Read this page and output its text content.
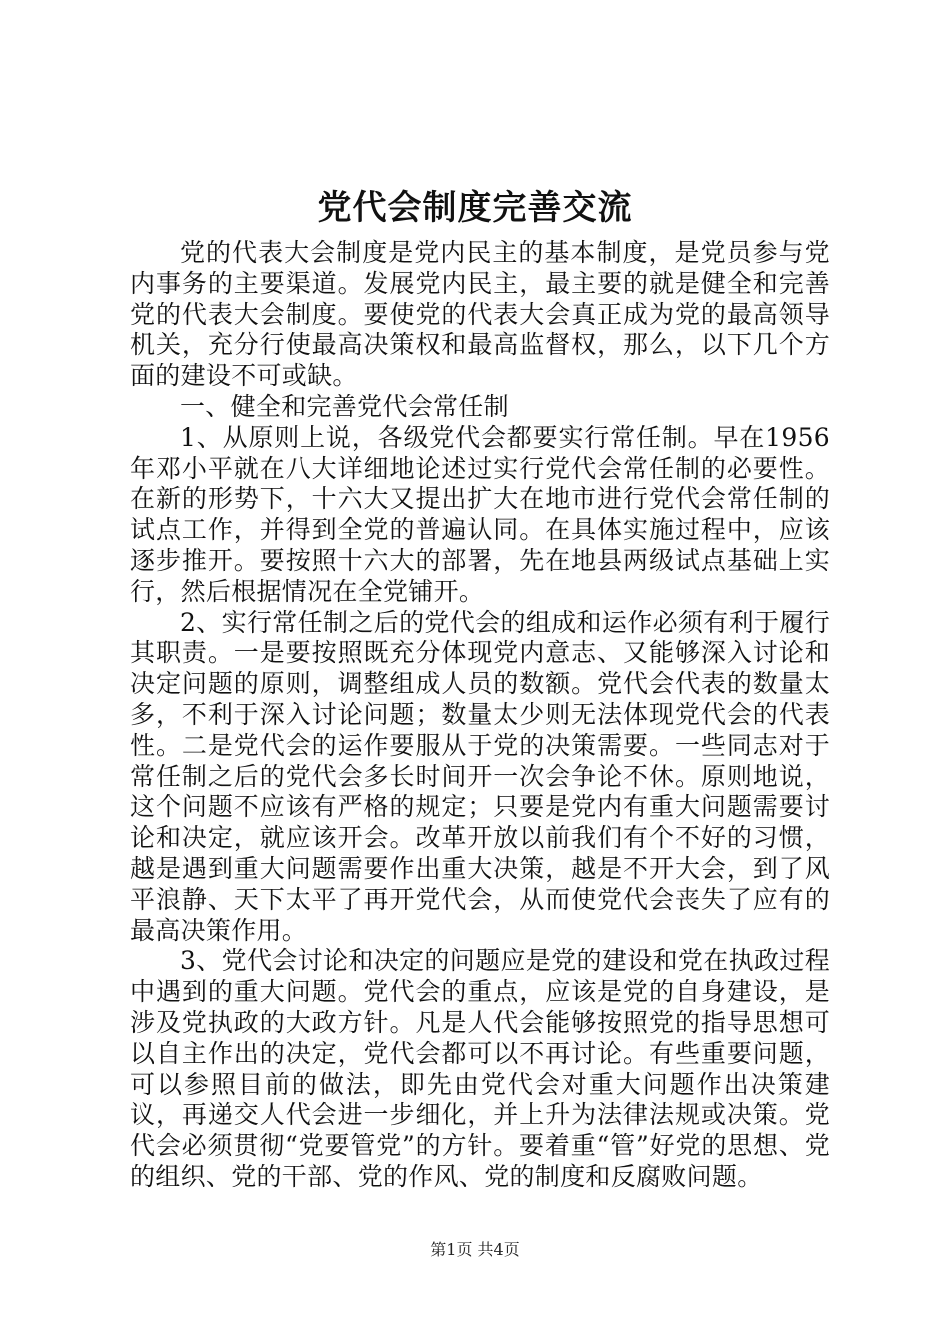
党代会制度完善交流

党的代表大会制度是党内民主的基本制度，是党员参与党内事务的主要渠道。发展党内民主，最主要的就是健全和完善党的代表大会制度。要使党的代表大会真正成为党的最高领导机关，充分行使最高决策权和最高监督权，那么，以下几个方面的建设不可或缺。

一、健全和完善党代会常任制

1、从原则上说，各级党代会都要实行常任制。早在1956年邓小平就在八大详细地论述过实行党代会常任制的必要性。在新的形势下，十六大又提出扩大在地市进行党代会常任制的试点工作，并得到全党的普遍认同。在具体实施过程中，应该逐步推开。要按照十六大的部署，先在地县两级试点基础上实行，然后根据情况在全党铺开。

2、实行常任制之后的党代会的组成和运作必须有利于履行其职责。一是要按照既充分体现党内意志、又能够深入讨论和决定问题的原则，调整组成人员的数额。党代会代表的数量太多，不利于深入讨论问题；数量太少则无法体现党代会的代表性。二是党代会的运作要服从于党的决策需要。一些同志对于常任制之后的党代会多长时间开一次会争论不休。原则地说，这个问题不应该有严格的规定；只要是党内有重大问题需要讨论和决定，就应该开会。改革开放以前我们有个不好的习惯，越是遇到重大问题需要作出重大决策，越是不开大会，到了风平浪静、天下太平了再开党代会，从而使党代会丧失了应有的最高决策作用。

3、党代会讨论和决定的问题应是党的建设和党在执政过程中遇到的重大问题。党代会的重点，应该是党的自身建设，是涉及党执政的大政方针。凡是人代会能够按照党的指导思想可以自主作出的决定，党代会都可以不再讨论。有些重要问题，可以参照目前的做法，即先由党代会对重大问题作出决策建议，再递交人代会进一步细化，并上升为法律法规或决策。党代会必须贯彻“党要管党”的方针。要着重“管”好党的思想、党的组织、党的干部、党的作风、党的制度和反腐败问题。

第1页 共4页
